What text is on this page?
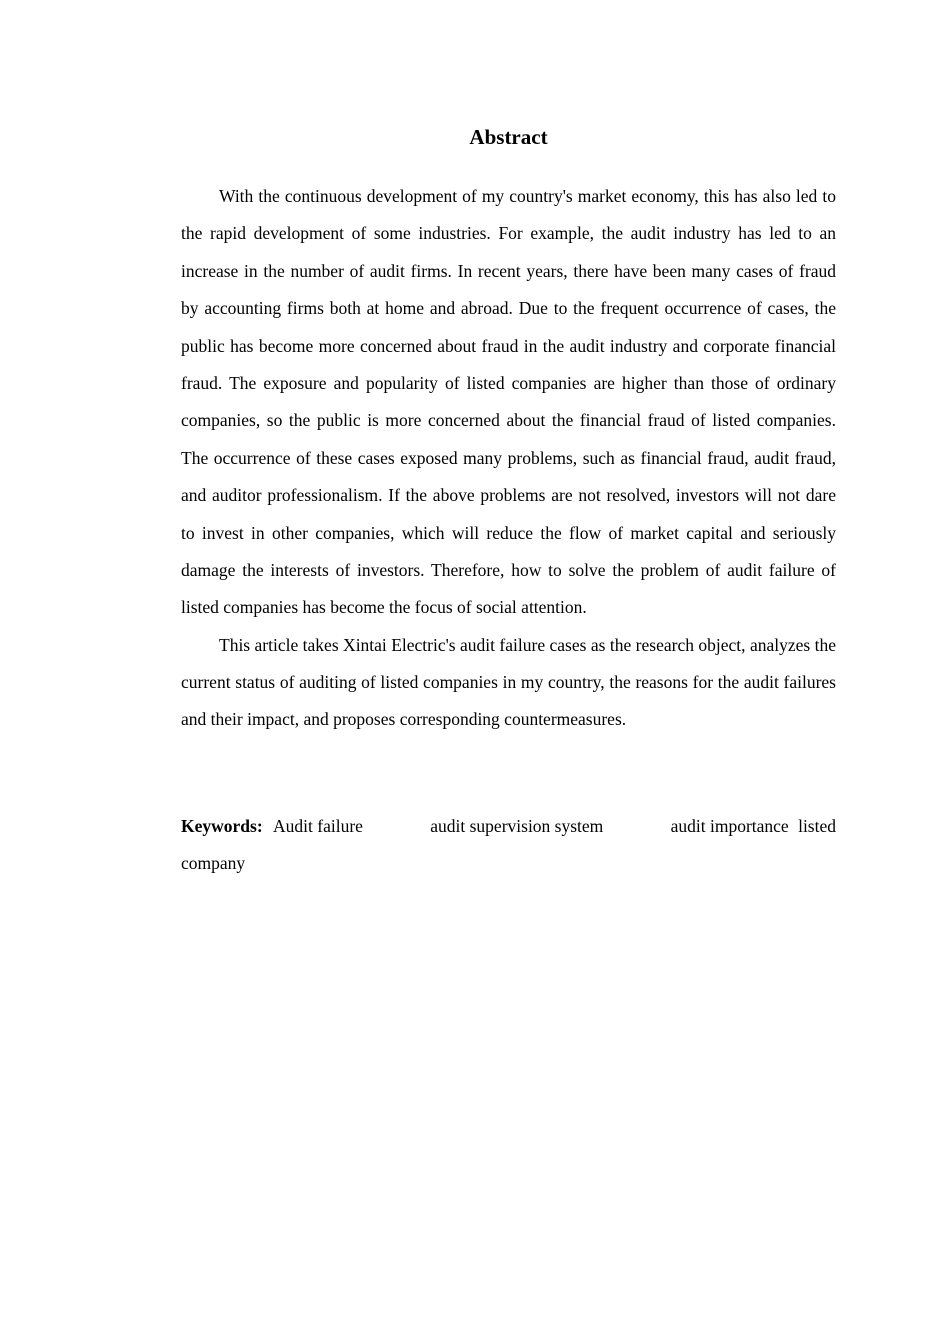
Abstract

With the continuous development of my country's market economy, this has also led to the rapid development of some industries. For example, the audit industry has led to an increase in the number of audit firms. In recent years, there have been many cases of fraud by accounting firms both at home and abroad. Due to the frequent occurrence of cases, the public has become more concerned about fraud in the audit industry and corporate financial fraud. The exposure and popularity of listed companies are higher than those of ordinary companies, so the public is more concerned about the financial fraud of listed companies. The occurrence of these cases exposed many problems, such as financial fraud, audit fraud, and auditor professionalism. If the above problems are not resolved, investors will not dare to invest in other companies, which will reduce the flow of market capital and seriously damage the interests of investors. Therefore, how to solve the problem of audit failure of listed companies has become the focus of social attention.

This article takes Xintai Electric's audit failure cases as the research object, analyzes the current status of auditing of listed companies in my country, the reasons for the audit failures and their impact, and proposes corresponding countermeasures.

Keywords: Audit failure	audit supervision system	audit importance listed
company
